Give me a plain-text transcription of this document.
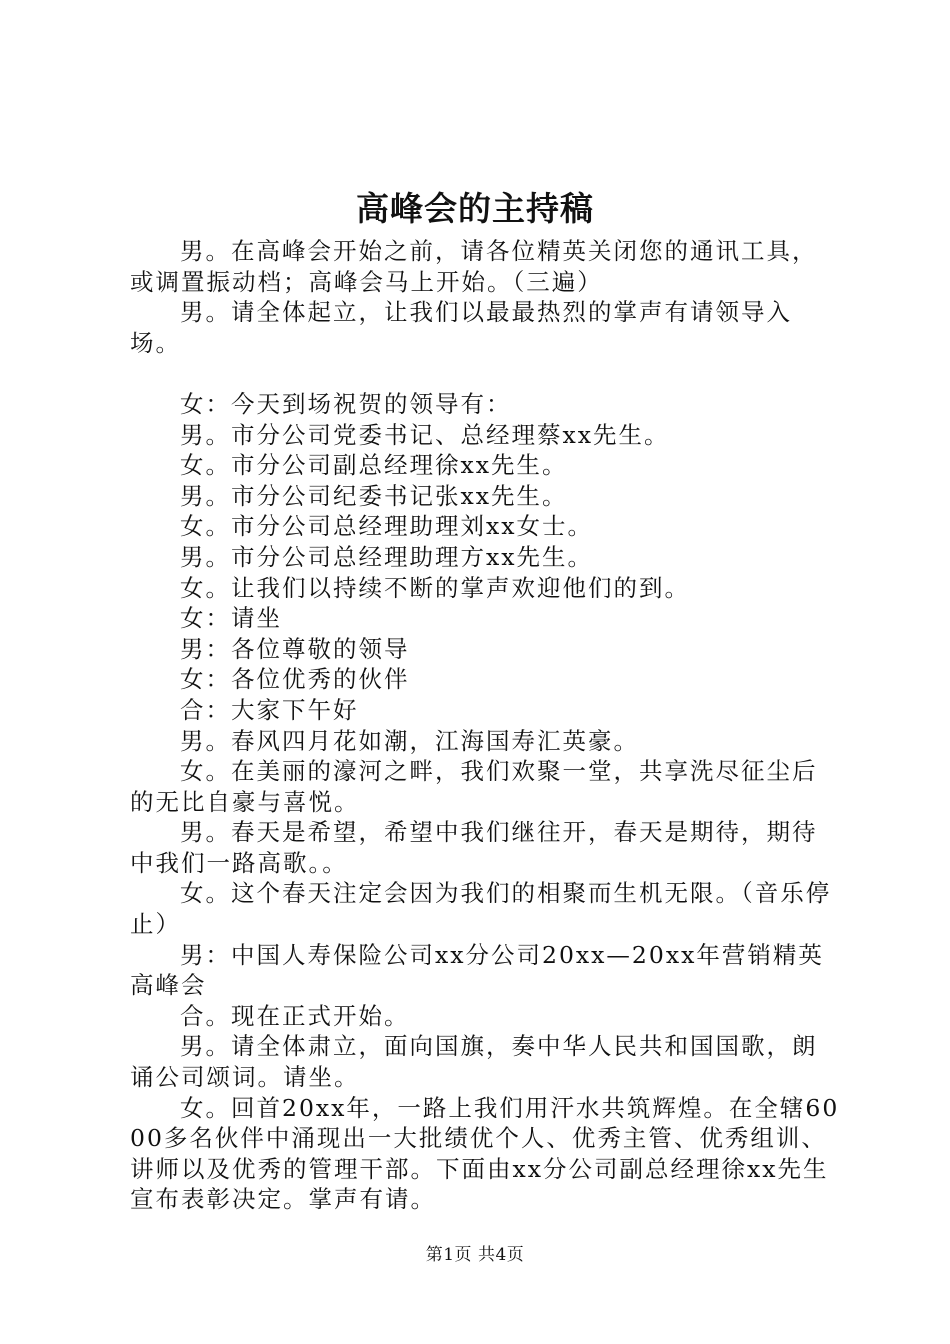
高峰会的主持稿

男。在高峰会开始之前，请各位精英关闭您的通讯工具，或调置振动档；高峰会马上开始。（三遍）

男。请全体起立，让我们以最最热烈的掌声有请领导入场。

女：今天到场祝贺的领导有：

男。市分公司党委书记、总经理蔡xx先生。

女。市分公司副总经理徐xx先生。

男。市分公司纪委书记张xx先生。

女。市分公司总经理助理刘xx女士。

男。市分公司总经理助理方xx先生。

女。让我们以持续不断的掌声欢迎他们的到。

女：请坐

男：各位尊敬的领导

女：各位优秀的伙伴

合：大家下午好

男。春风四月花如潮，江海国寿汇英豪。

女。在美丽的濠河之畔，我们欢聚一堂，共享洗尽征尘后的无比自豪与喜悦。

男。春天是希望，希望中我们继往开，春天是期待，期待中我们一路高歌。。

女。这个春天注定会因为我们的相聚而生机无限。（音乐停止）

男：中国人寿保险公司xx分公司20xx—20xx年营销精英高峰会

合。现在正式开始。

男。请全体肃立，面向国旗，奏中华人民共和国国歌，朗诵公司颂词。请坐。

女。回首20xx年，一路上我们用汗水共筑辉煌。在全辖6000多名伙伴中涌现出一大批绩优个人、优秀主管、优秀组训、讲师以及优秀的管理干部。下面由xx分公司副总经理徐xx先生宣布表彰决定。掌声有请。

第1页 共4页
